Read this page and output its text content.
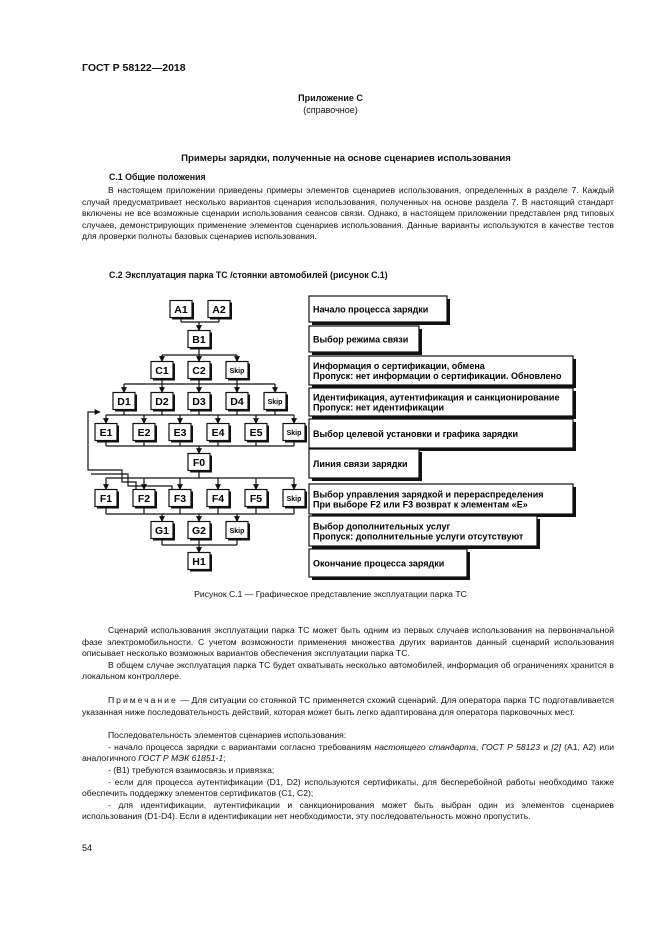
ГОСТ Р 58122—2018
Приложение С
(справочное)
Примеры зарядки, полученные на основе сценариев использования
С.1 Общие положения

В настоящем приложении приведены примеры элементов сценариев использования, определенных в разделе 7. Каждый случай предусматривает несколько вариантов сценария использования, полученных на основе раздела 7. В настоящий стандарт включены не все возможные сценарии использования сеансов связи. Однако, в настоящем приложении представлен ряд типовых случаев, демонстрирующих применение элементов сценариев использования. Данные варианты используются в качестве тестов для проверки полноты базовых сценариев использования.

С.2 Эксплуатация парка ТС /стоянки автомобилей (рисунок С.1)
A1 A2
B1
C1 C2	Skip
D1 D2 D3 D4	Skip
E1 E2 E3 E4 E5	Skip
F0
F1 F2 F3 F4 F5	Skip
G1 G2	Skip
H1
Начало процесса зарядки
Выбор режима связи
Информация о сертификации, обмена
Пропуск: нет информации о сертификации. Обновлено
Идентификация, аутентификация и санкционирование
Пропуск: нет идентификации
Выбор целевой установки и графика зарядки
Линия связи зарядки
Выбор управления зарядкой и перераспределения
При выборе F2 или F3 возврат к элементам «Е»
Выбор дополнительных услуг
Пропуск: дополнительные услуги отсутствуют
Окончание процесса зарядки
Рисунок С.1 — Графическое представление эксплуатации парка ТС

Сценарий использования эксплуатации парка ТС может быть одним из первых случаев использования на первоначальной фазе электромобильности. С учетом возможности применения множества других вариантов данный сценарий использования описывает несколько возможных вариантов обеспечения эксплуатации парка ТС.

В общем случае эксплуатация парка ТС будет охватывать несколько автомобилей, информация об ограничениях хранится в локальном контроллере.

Примечание — Для ситуации со стоянкой ТС применяется схожий сценарий. Для оператора парка ТС подготавливается указанная ниже последовательность действий, которая может быть легко адаптирована для оператора парковочных мест.

Последовательность элементов сценариев использования:

- начало процесса зарядки с вариантами согласно требованиям настоящего стандарта, ГОСТ Р 58123 и [2] (A1, A2) или аналогичного ГОСТ Р МЭК 61851-1;

- (В1) требуются взаимосвязь и привязка;

- если для процесса аутентификации (D1, D2) используются сертификаты, для бесперебойной работы необходимо также обеспечить поддержку элементов сертификатов (С1, С2);

- для идентификации, аутентификации и санкционирования может быть выбран один из элементов сценариев использования (D1-D4). Если в идентификации нет необходимости, эту последовательность можно пропустить.

54
